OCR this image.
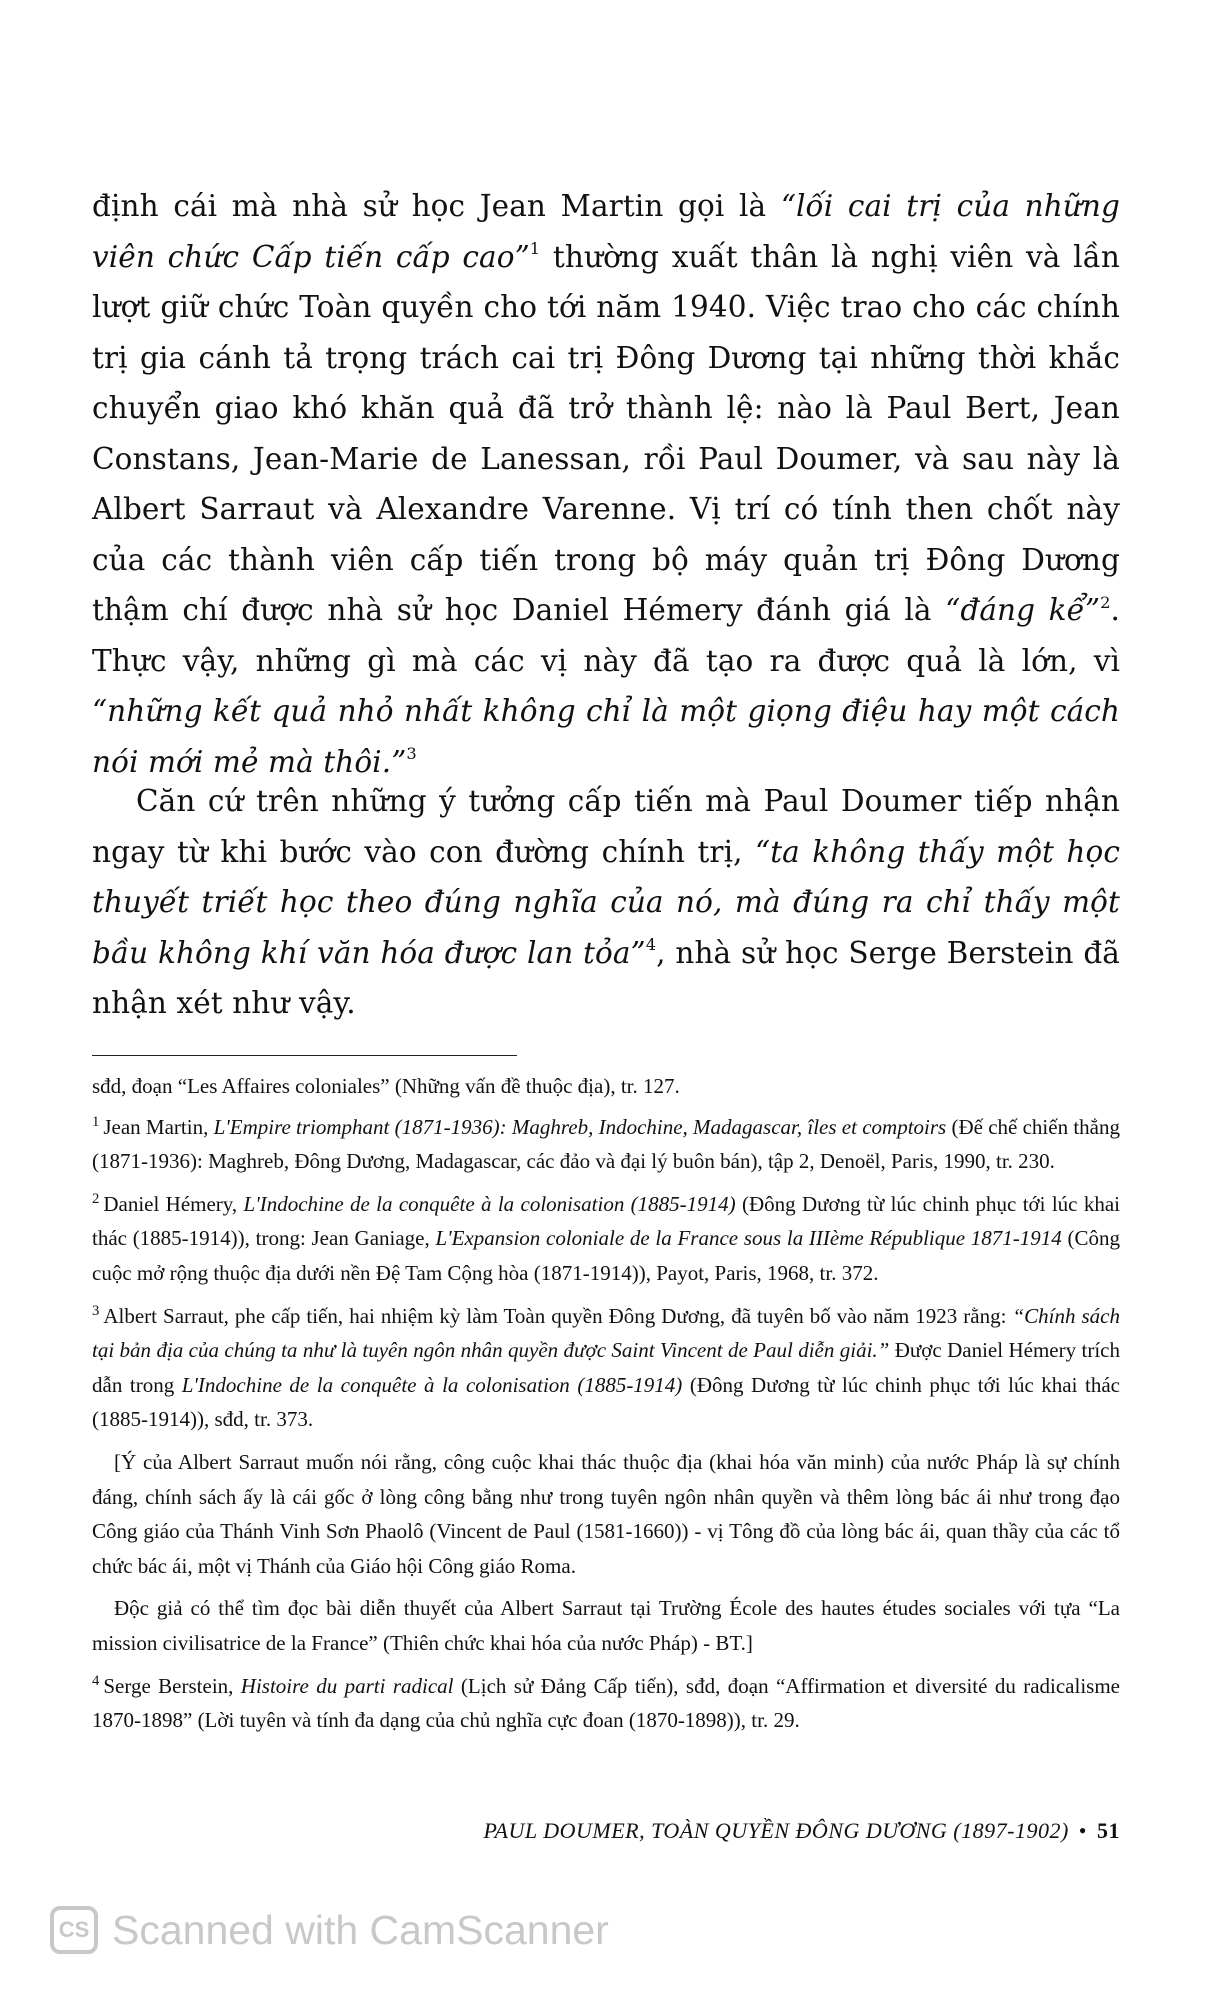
định cái mà nhà sử học Jean Martin gọi là “lối cai trị của những viên chức Cấp tiến cấp cao”$^1$ thường xuất thân là nghị viên và lần lượt giữ chức Toàn quyền cho tới năm 1940. Việc trao cho các chính trị gia cánh tả trọng trách cai trị Đông Dương tại những thời khắc chuyển giao khó khăn quả đã trở thành lệ: nào là Paul Bert, Jean Constans, Jean-Marie de Lanessan, rồi Paul Doumer, và sau này là Albert Sarraut và Alexandre Varenne. Vị trí có tính then chốt này của các thành viên cấp tiến trong bộ máy quản trị Đông Dương thậm chí được nhà sử học Daniel Hémery đánh giá là “đáng kể”$^2$. Thực vậy, những gì mà các vị này đã tạo ra được quả là lớn, vì “những kết quả nhỏ nhất không chỉ là một giọng điệu hay một cách nói mới mẻ mà thôi.”$^3$

Căn cứ trên những ý tưởng cấp tiến mà Paul Doumer tiếp nhận ngay từ khi bước vào con đường chính trị, “ta không thấy một học thuyết triết học theo đúng nghĩa của nó, mà đúng ra chỉ thấy một bầu không khí văn hóa được lan tỏa”$^4$, nhà sử học Serge Berstein đã nhận xét như vậy.

sđd, đoạn “Les Affaires coloniales” (Những vấn đề thuộc địa), tr. 127.

$^1$ Jean Martin, L'Empire triomphant (1871-1936): Maghreb, Indochine, Madagascar, îles et comptoirs (Đế chế chiến thắng (1871-1936): Maghreb, Đông Dương, Madagascar, các đảo và đại lý buôn bán), tập 2, Denoël, Paris, 1990, tr. 230.

$^2$ Daniel Hémery, L'Indochine de la conquête à la colonisation (1885-1914) (Đông Dương từ lúc chinh phục tới lúc khai thác (1885-1914)), trong: Jean Ganiage, L'Expansion coloniale de la France sous la IIIème République 1871-1914 (Công cuộc mở rộng thuộc địa dưới nền Đệ Tam Cộng hòa (1871-1914)), Payot, Paris, 1968, tr. 372.

$^3$ Albert Sarraut, phe cấp tiến, hai nhiệm kỳ làm Toàn quyền Đông Dương, đã tuyên bố vào năm 1923 rằng: “Chính sách tại bản địa của chúng ta như là tuyên ngôn nhân quyền được Saint Vincent de Paul diễn giải.” Được Daniel Hémery trích dẫn trong L'Indochine de la conquête à la colonisation (1885-1914) (Đông Dương từ lúc chinh phục tới lúc khai thác (1885-1914)), sđd, tr. 373.

[Ý của Albert Sarraut muốn nói rằng, công cuộc khai thác thuộc địa (khai hóa văn minh) của nước Pháp là sự chính đáng, chính sách ấy là cái gốc ở lòng công bằng như trong tuyên ngôn nhân quyền và thêm lòng bác ái như trong đạo Công giáo của Thánh Vinh Sơn Phaolô (Vincent de Paul (1581-1660)) - vị Tông đồ của lòng bác ái, quan thầy của các tổ chức bác ái, một vị Thánh của Giáo hội Công giáo Roma.

Độc giả có thể tìm đọc bài diễn thuyết của Albert Sarraut tại Trường École des hautes études sociales với tựa “La mission civilisatrice de la France” (Thiên chức khai hóa của nước Pháp) - BT.]

$^4$ Serge Berstein, Histoire du parti radical (Lịch sử Đảng Cấp tiến), sđd, đoạn “Affirmation et diversité du radicalisme 1870-1898” (Lời tuyên và tính đa dạng của chủ nghĩa cực đoan (1870-1898)), tr. 29.

PAUL DOUMER, TOÀN QUYỀN ĐÔNG DƯƠNG (1897-1902) • 51
CS Scanned with CamScanner
